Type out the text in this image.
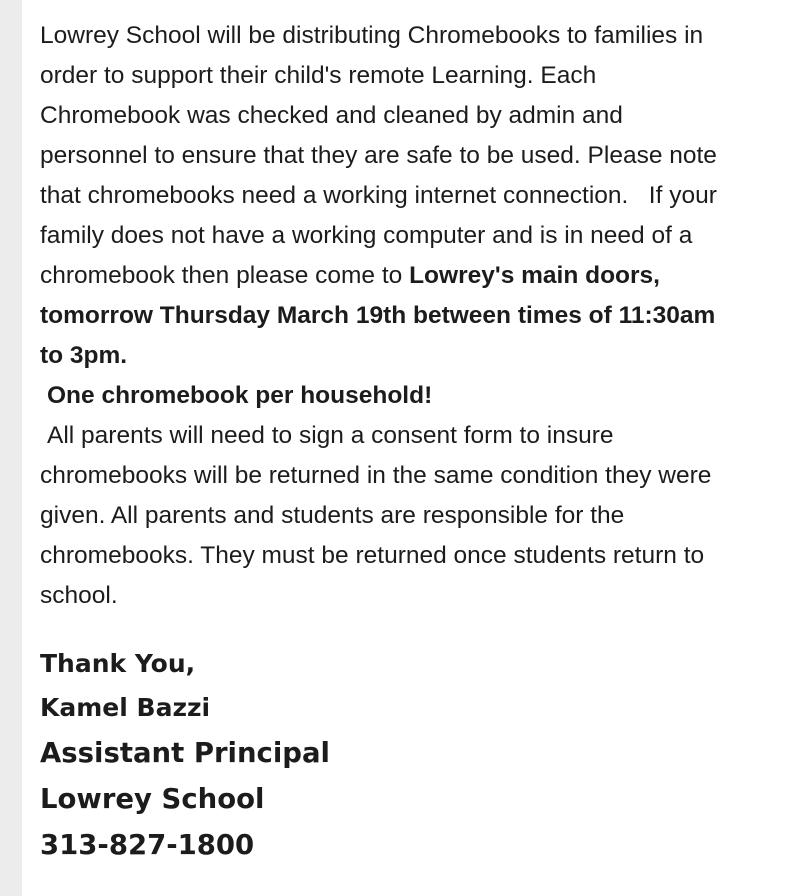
Lowrey School will be distributing Chromebooks to families in
order to support their child's remote Learning. Each
Chromebook was checked and cleaned by admin and
personnel to ensure that they are safe to be used. Please note
that chromebooks need a working internet connection.   If your
family does not have a working computer and is in need of a
chromebook then please come to Lowrey's main doors,
tomorrow Thursday March 19th between times of 11:30am
to 3pm.
One chromebook per household!
All parents will need to sign a consent form to insure
chromebooks will be returned in the same condition they were
given. All parents and students are responsible for the
chromebooks. They must be returned once students return to
school.
Thank You,
Kamel Bazzi
Assistant Principal
Lowrey School
313-827-1800
